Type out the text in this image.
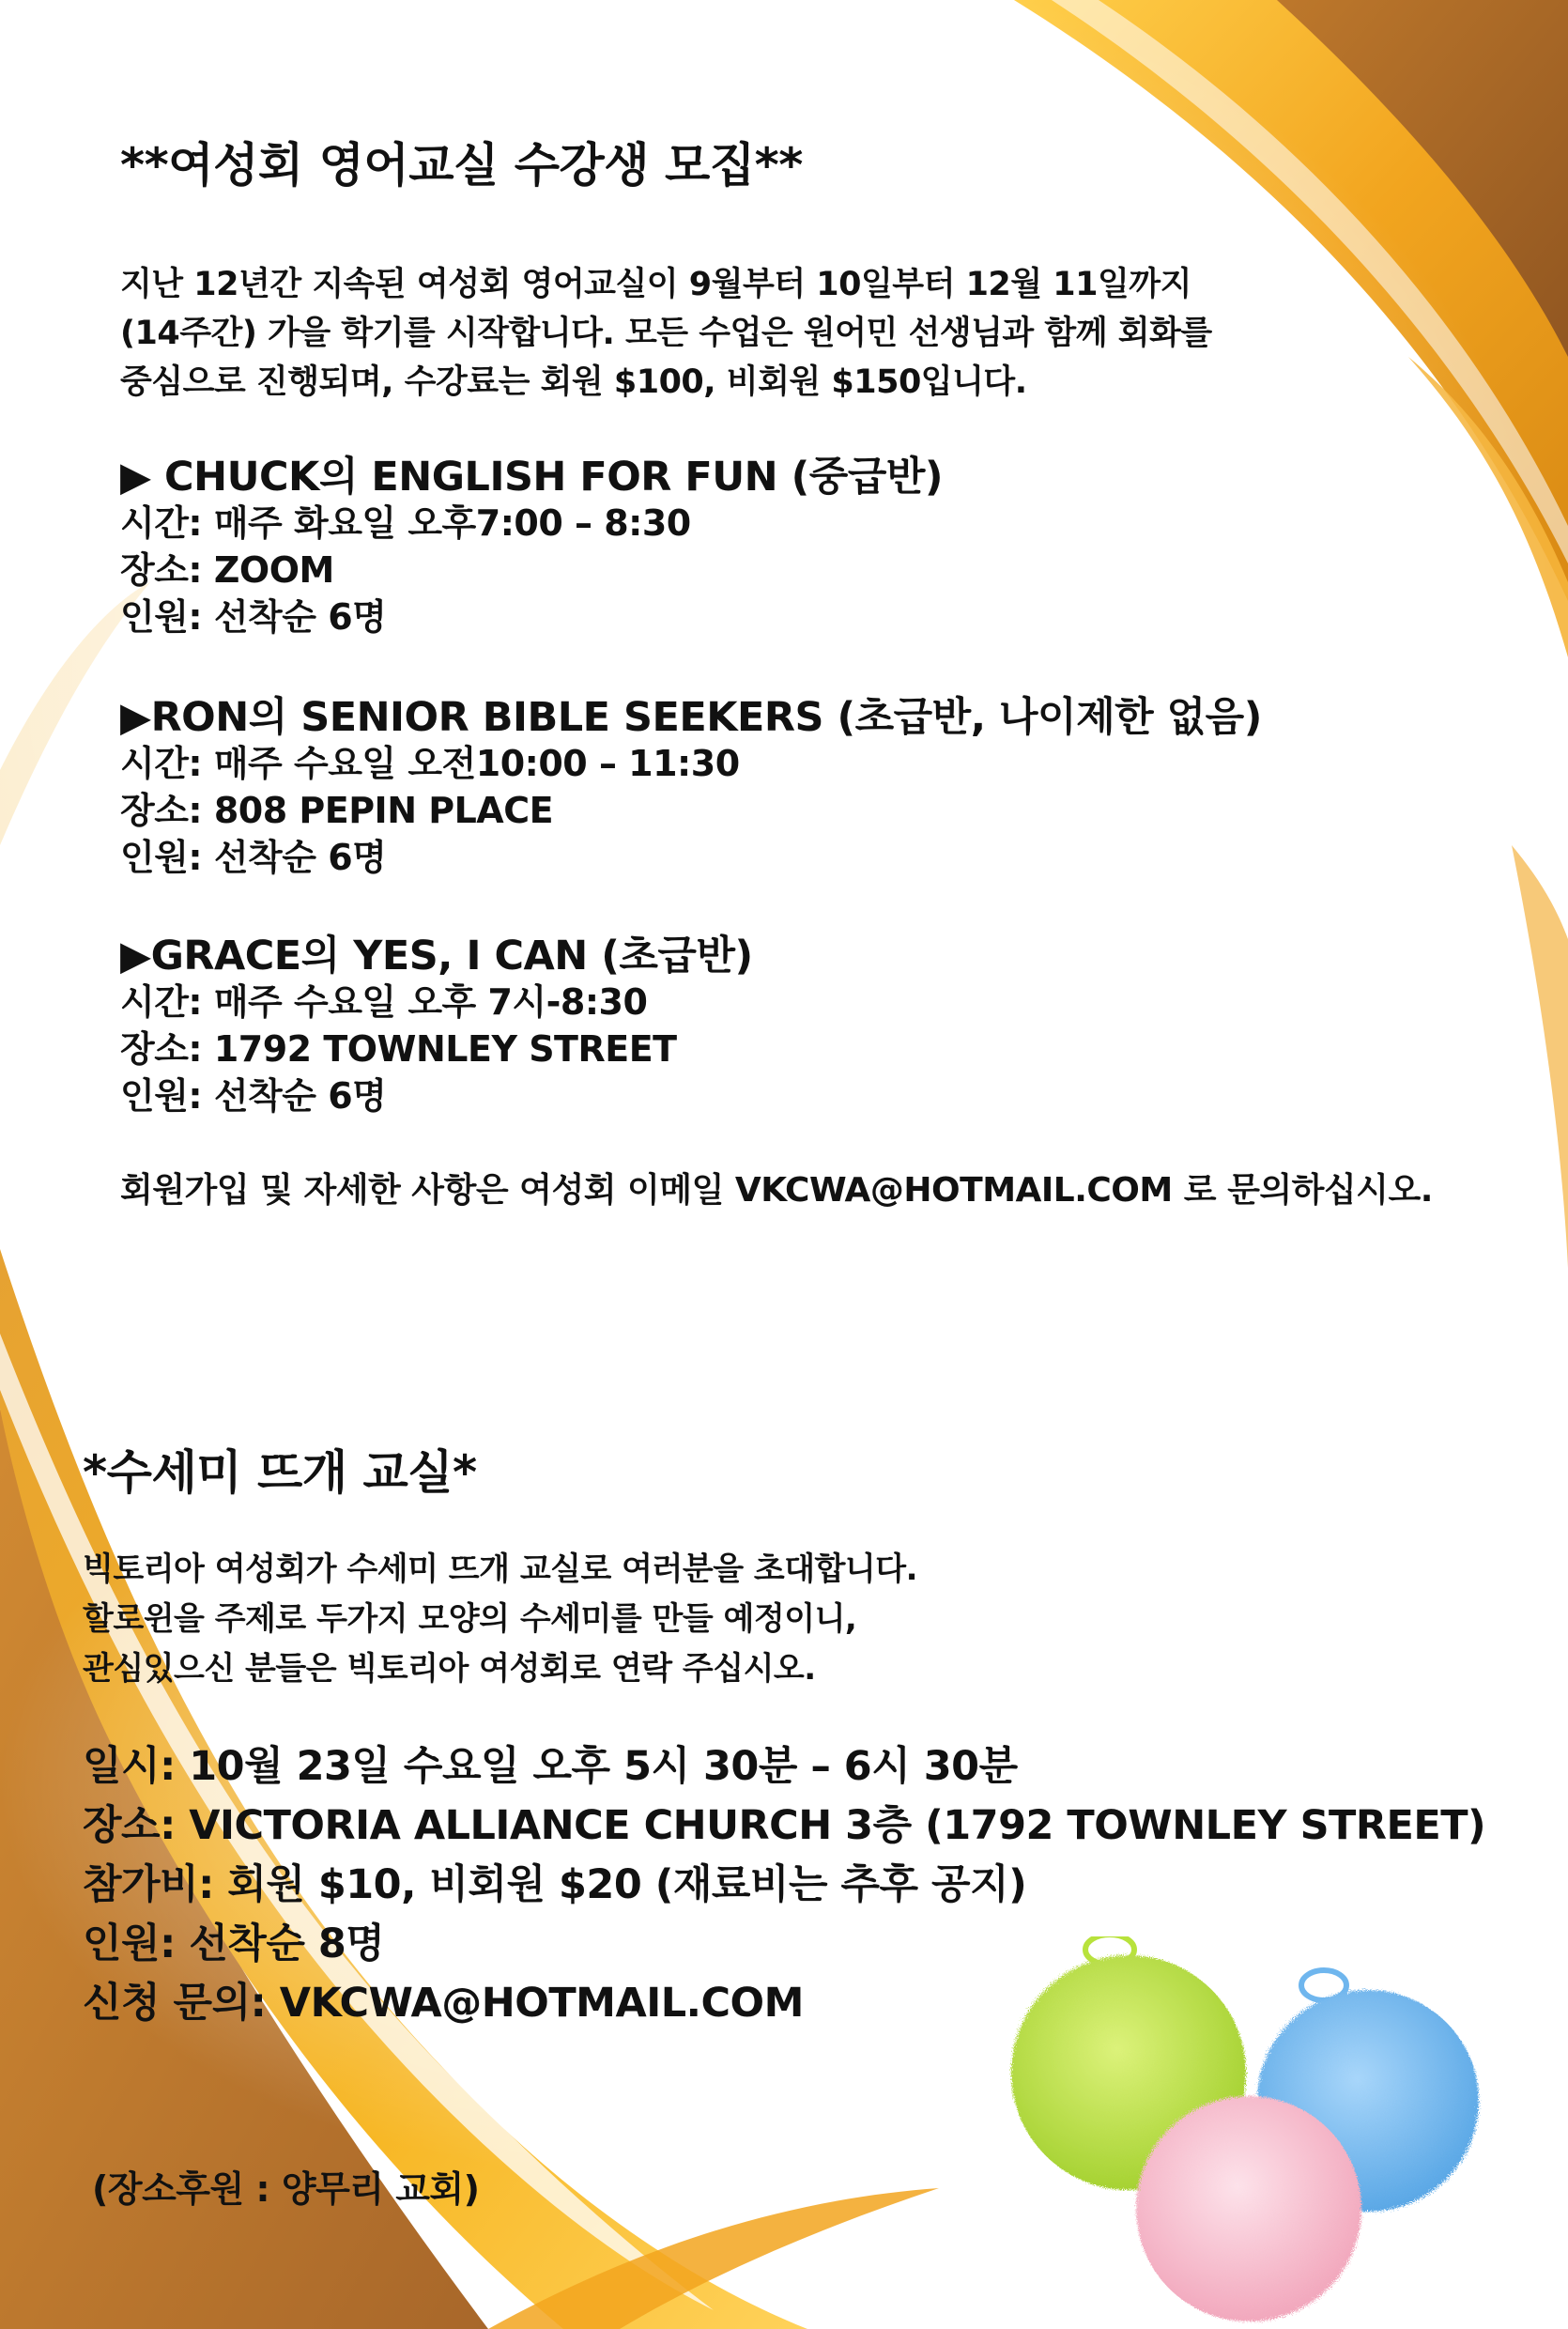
**여성회 영어교실 수강생 모집**
지난 12년간 지속된 여성회 영어교실이 9월부터 10일부터 12월 11일까지
(14주간) 가을 학기를 시작합니다. 모든 수업은 원어민 선생님과 함께 회화를
중심으로 진행되며, 수강료는 회원 $100, 비회원 $150입니다.
▶ CHUCK의 ENGLISH FOR FUN (중급반)
시간: 매주 화요일 오후7:00 – 8:30
장소: ZOOM
인원: 선착순 6명
▶RON의 SENIOR BIBLE SEEKERS (초급반, 나이제한 없음)
시간: 매주 수요일 오전10:00 – 11:30
장소: 808 PEPIN PLACE
인원: 선착순 6명
▶GRACE의 YES, I CAN (초급반)
시간: 매주 수요일 오후 7시-8:30
장소: 1792 TOWNLEY STREET
인원: 선착순 6명
회원가입 및 자세한 사항은 여성회 이메일 VKCWA@HOTMAIL.COM 로 문의하십시오.
*수세미 뜨개 교실*
빅토리아 여성회가 수세미 뜨개 교실로 여러분을 초대합니다.
할로윈을 주제로 두가지 모양의 수세미를 만들 예정이니,
관심있으신 분들은 빅토리아 여성회로 연락 주십시오.
일시: 10월 23일 수요일 오후 5시 30분 – 6시 30분
장소: VICTORIA ALLIANCE CHURCH 3층 (1792 TOWNLEY STREET)
참가비: 회원 $10, 비회원 $20 (재료비는 추후 공지)
인원: 선착순 8명
신청 문의: VKCWA@HOTMAIL.COM
(장소후원 : 양무리 교회)
